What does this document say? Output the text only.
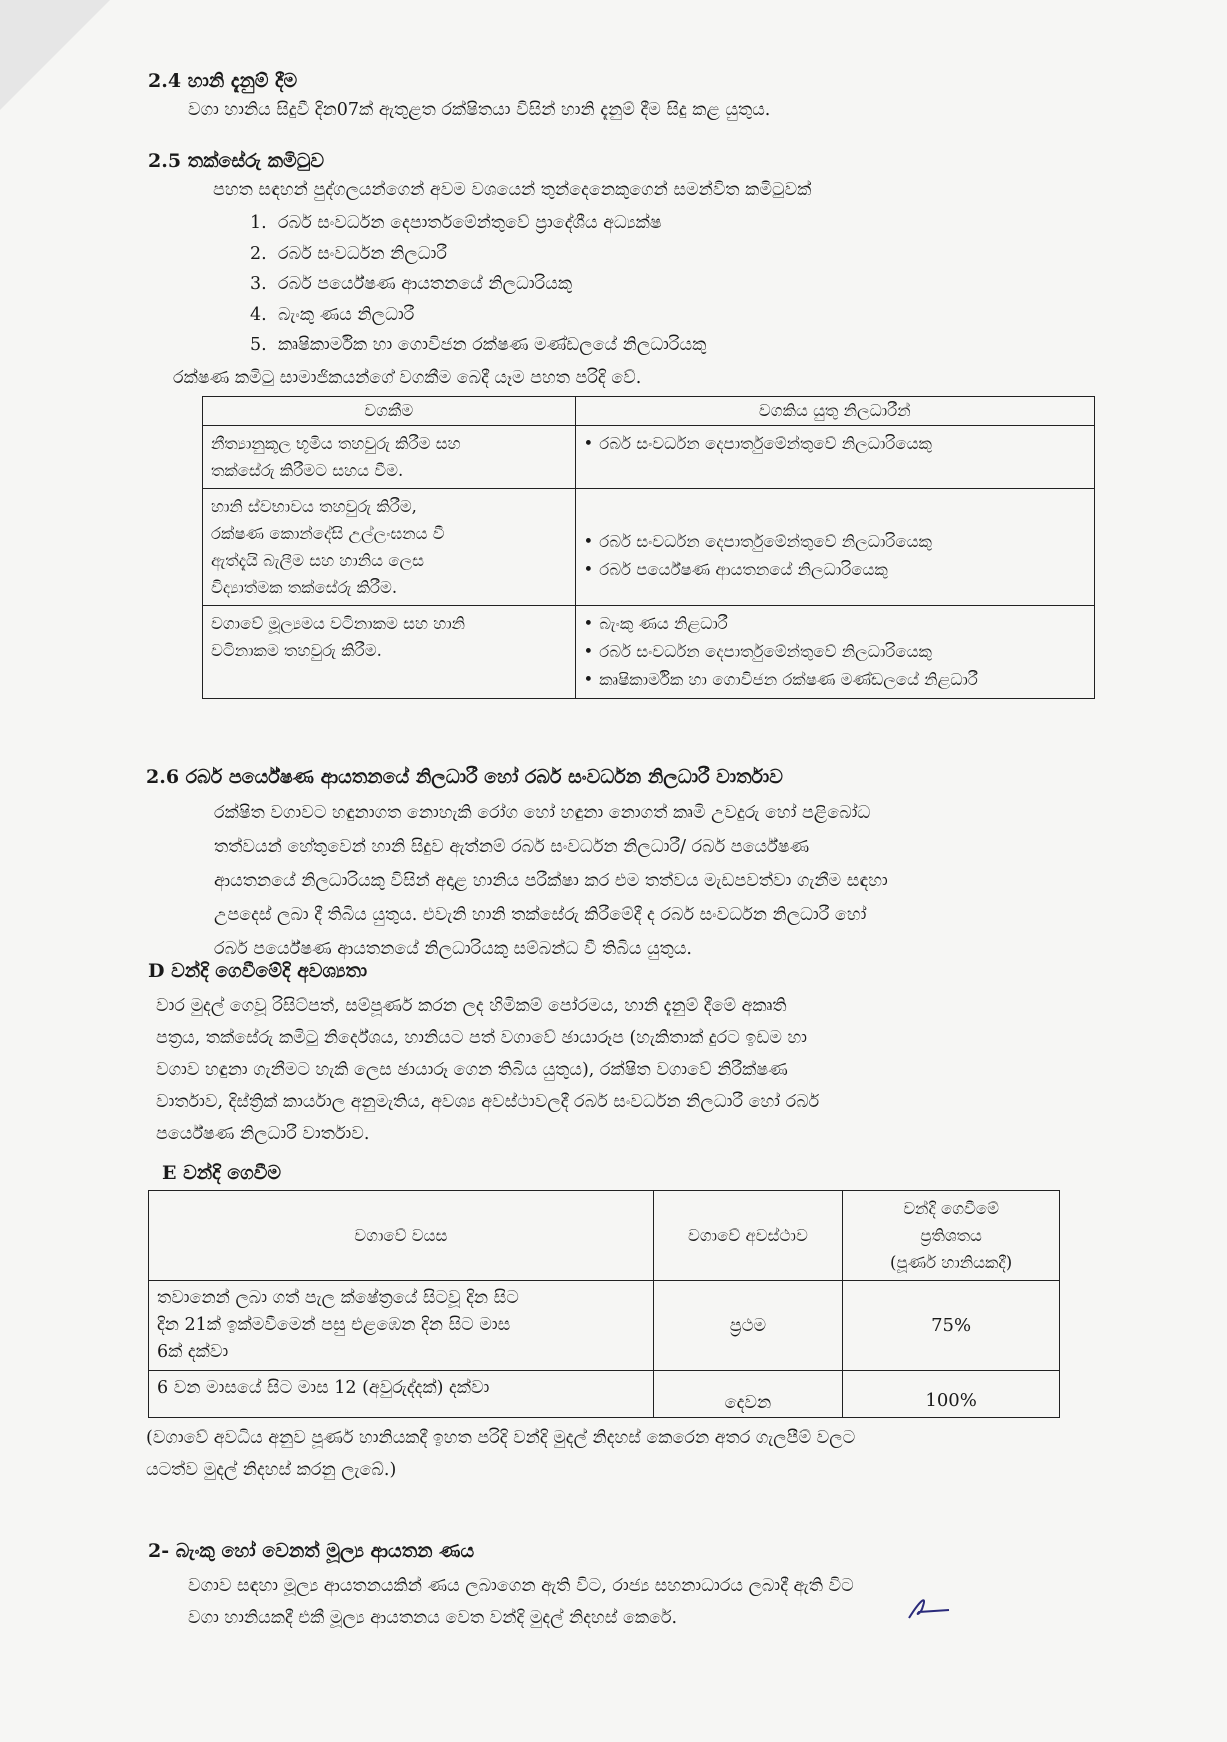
2.4 හානි දැනුම් දීම
වගා හානිය සිදුවී දින07ක් ඇතුළත රක්ෂිතයා විසින් හානි දැනුම් දීම සිදු කළ යුතුය.
2.5 තක්සේරු කමිටුව
පහත සඳහන් පුද්ගලයන්ගෙන් අවම වශයෙන් තුන්දෙනෙකුගෙන් සමන්විත කමිටුවක්
1. රබර් සංවර්ධන දෙපාර්තමේන්තුවේ ප්‍රාදේශීය අධ්‍යක්ෂ
2. රබර් සංවර්ධන නිලධාරී
3. රබර් පර්යේෂණ ආයතනයේ නිලධාරියකු
4. බැංකු ණය නිලධාරී
5. කෘෂිකාර්මික හා ගොවිජන රක්ෂණ මණ්ඩලයේ නිලධාරියකු
රක්ෂණ කමිටු සාමාජිකයන්ගේ වගකීම බෙදී යෑම පහත පරිදි වේ.
වගකීම	වගකිය යුතු නිලධාරීන්

නීත්‍යානුකූල භූමිය තහවුරු කිරීම සහ
තක්සේරු කිරීමට සහය වීම.	• රබර් සංවර්ධන දෙපාර්තුමේන්තුවේ නිලධාරියෙකු

හානි ස්වභාවය තහවුරු කිරීම,
රක්ෂණ කොන්දේසි උල්ලංඝනය වී
ඇත්දැයි බැලීම සහ හානිය ලෙස
විද්‍යාත්මක තක්සේරු කිරීම.	• රබර් සංවර්ධන දෙපාර්තුමේන්තුවේ නිලධාරියෙකු
• රබර් පර්යේෂණ ආයතනයේ නිලධාරියෙකු

වගාවේ මූල්‍යමය වටිනාකම සහ හානි
වටිනාකම තහවුරු කිරීම.	• බැංකු ණය නිළධාරී
• රබර් සංවර්ධන දෙපාර්තුමේන්තුවේ නිලධාරියෙකු
• කෘෂිකාර්මික හා ගොවිජන රක්ෂණ මණ්ඩලයේ නිළධාරී
2.6 රබර් පර්යේෂණ ආයතනයේ නිලධාරී හෝ රබර් සංවර්ධන නිලධාරී වාර්තාව
රක්ෂිත වගාවට හඳුනාගත නොහැකි රෝග හෝ හඳුනා නොගත් කෘමි උවදුරු හෝ පළිබෝධ
තත්වයන් හේතුවෙන් හානි සිදුව ඇත්නම් රබර් සංවර්ධන නිලධාරී/ රබර් පර්යේෂණ
ආයතනයේ නිලධාරියකු විසින් අදාළ හානිය පරීක්ෂා කර එම තත්වය මැඩපවත්වා ගැනීම සඳහා
උපදෙස් ලබා දී තිබිය යුතුය. එවැනි හානි තක්සේරු කිරීමේදී ද රබර් සංවර්ධන නිලධාරී හෝ
රබර් පර්යේෂණ ආයතනයේ නිලධාරියකු සම්බන්ධ වී තිබිය යුතුය.
D වන්දි ගෙවීමේදි අවශ්‍යතා
වාර මුදල් ගෙවූ රිසිට්පත්, සම්පූර්ණ කරන ලද හිමිකම් පෝරමය, හානි දැනුම් දීමේ අකෘති
පත්‍රය, තක්සේරු කමිටු නිර්දේශය, හානියට පත් වගාවේ ඡායාරූප (හැකිතාක් දුරට ඉඩම හා
වගාව හඳුනා ගැනීමට හැකි ලෙස ඡායාරූ ගෙන තිබිය යුතුය), රක්ෂිත වගාවේ නිරීක්ෂණ
වාර්තාව, දිස්ත්‍රික් කාර්යාල අනුමැතිය, අවශ්‍ය අවස්ථාවලදී රබර් සංවර්ධන නිලධාරී හෝ රබර්
පර්යේෂණ නිලධාරී වාර්තාව.
E වන්දි ගෙවීම
වගාවේ වයස	වගාවේ අවස්ථාව	වන්දි ගෙවීමේ
ප්‍රතිශතය
(පූර්ණ හානියකදී)

තවානෙන් ලබා ගත් පැල ක්ෂේත්‍රයේ සිටවූ දින සිට
දින 21ක් ඉක්මවීමෙන් පසු එළඹෙන දින සිට මාස
6ක් දක්වා	ප්‍රථම	75%

6 වන මාසයේ සිට මාස 12 (අවුරුද්දක්) දක්වා	දෙවන	100%
(වගාවේ අවධිය අනුව පූර්ණ හානියකදී ඉහත පරිදි වන්දි මුදල් නිදහස් කෙරෙන අතර ගැලපීම් වලට
යටත්ව මුදල් නිදහස් කරනු ලැබේ.)
2- බැංකු හෝ වෙනත් මූල්‍ය ආයතන ණය
වගාව සඳහා මූල්‍ය ආයතනයකින් ණය ලබාගෙන ඇති විට, රාජ්‍ය සහනාධාරය ලබාදී ඇති විට
වගා හානියකදී එකී මූල්‍ය ආයතනය වෙත වන්දි මුදල් නිදහස් කෙරේ.
